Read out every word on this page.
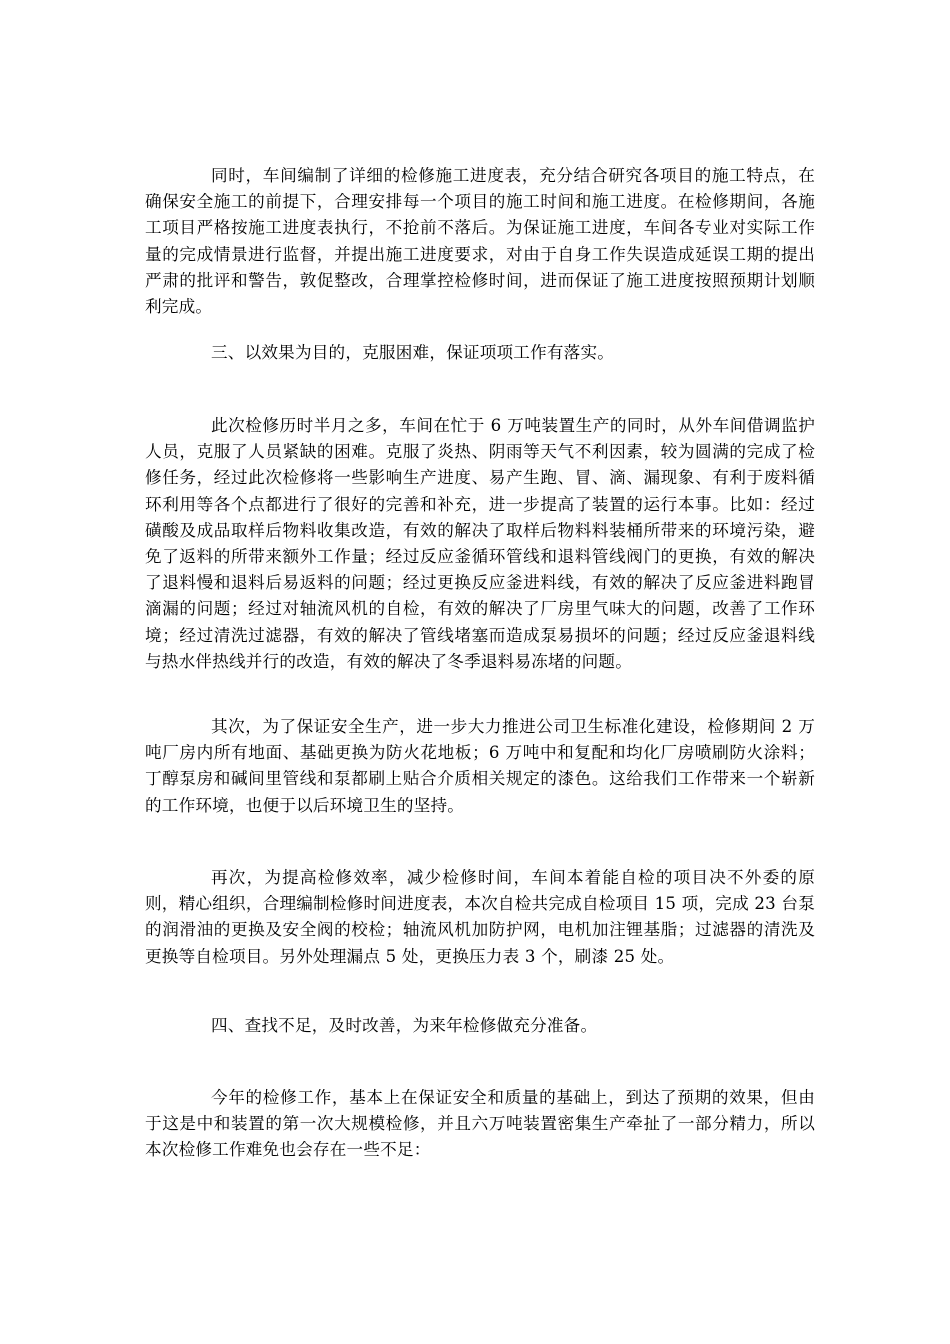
同时，车间编制了详细的检修施工进度表，充分结合研究各项目的施工特点，在确保安全施工的前提下，合理安排每一个项目的施工时间和施工进度。在检修期间，各施工项目严格按施工进度表执行，不抢前不落后。为保证施工进度，车间各专业对实际工作量的完成情景进行监督，并提出施工进度要求，对由于自身工作失误造成延误工期的提出严肃的批评和警告，敦促整改，合理掌控检修时间，进而保证了施工进度按照预期计划顺利完成。

三、以效果为目的，克服困难，保证项项工作有落实。

此次检修历时半月之多，车间在忙于 6 万吨装置生产的同时，从外车间借调监护人员，克服了人员紧缺的困难。克服了炎热、阴雨等天气不利因素，较为圆满的完成了检修任务，经过此次检修将一些影响生产进度、易产生跑、冒、滴、漏现象、有利于废料循环利用等各个点都进行了很好的完善和补充，进一步提高了装置的运行本事。比如：经过磺酸及成品取样后物料收集改造，有效的解决了取样后物料料装桶所带来的环境污染，避免了返料的所带来额外工作量；经过反应釜循环管线和退料管线阀门的更换，有效的解决了退料慢和退料后易返料的问题；经过更换反应釜进料线，有效的解决了反应釜进料跑冒滴漏的问题；经过对轴流风机的自检，有效的解决了厂房里气味大的问题，改善了工作环境；经过清洗过滤器，有效的解决了管线堵塞而造成泵易损坏的问题；经过反应釜退料线与热水伴热线并行的改造，有效的解决了冬季退料易冻堵的问题。

其次，为了保证安全生产，进一步大力推进公司卫生标准化建设，检修期间 2 万吨厂房内所有地面、基础更换为防火花地板；6 万吨中和复配和均化厂房喷刷防火涂料；丁醇泵房和碱间里管线和泵都刷上贴合介质相关规定的漆色。这给我们工作带来一个崭新的工作环境，也便于以后环境卫生的坚持。

再次，为提高检修效率，减少检修时间，车间本着能自检的项目决不外委的原则，精心组织，合理编制检修时间进度表，本次自检共完成自检项目 15 项，完成 23 台泵的润滑油的更换及安全阀的校检；轴流风机加防护网，电机加注锂基脂；过滤器的清洗及更换等自检项目。另外处理漏点 5 处，更换压力表 3 个，刷漆 25 处。

四、查找不足，及时改善，为来年检修做充分准备。

今年的检修工作，基本上在保证安全和质量的基础上，到达了预期的效果，但由于这是中和装置的第一次大规模检修，并且六万吨装置密集生产牵扯了一部分精力，所以本次检修工作难免也会存在一些不足：
